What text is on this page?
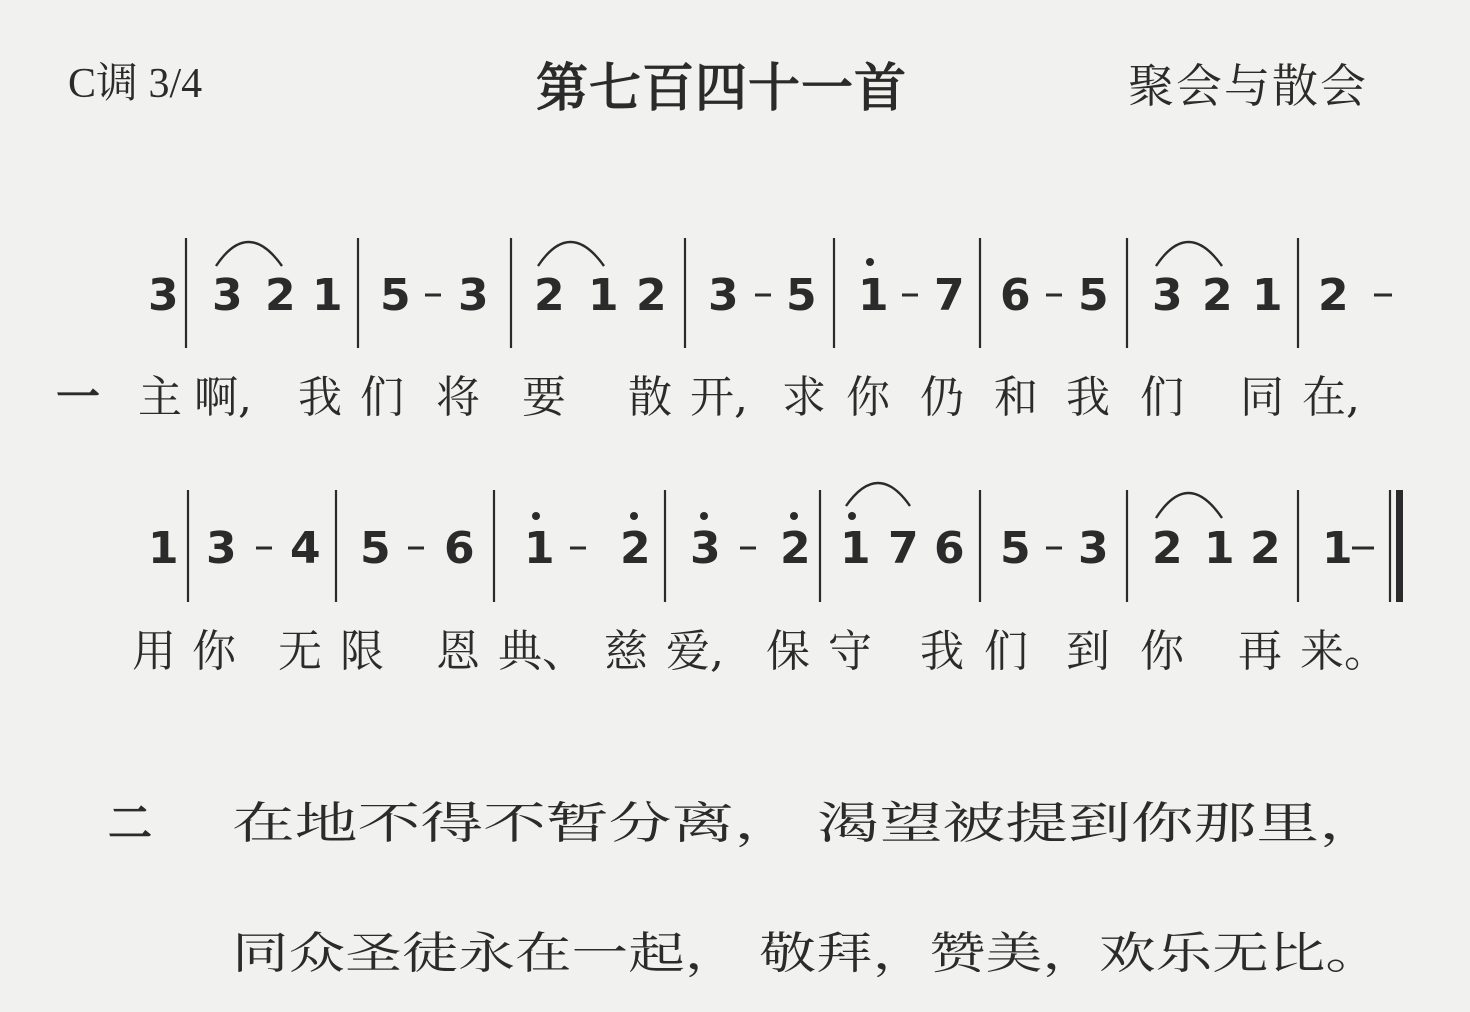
C调 3/4	第七百四十一首	聚会与散会
3 3 2 1 5 3 2 1 2 3 5 1 7 6 5 3 2 1 2
一 主 啊, 我 们 将 要 散 开, 求 你 仍 和 我 们 同 在,
1 3 4 5 6 1 2 3 2 1 7 6 5 3 2 1 2 1
用 你 无 限 恩 典、 慈 爱, 保 守 我 们 到 你 再 来。
二 在地不得不暂分离， 渴望被提到你那里，
同众圣徒永在一起， 敬拜，赞美，欢乐无比。
